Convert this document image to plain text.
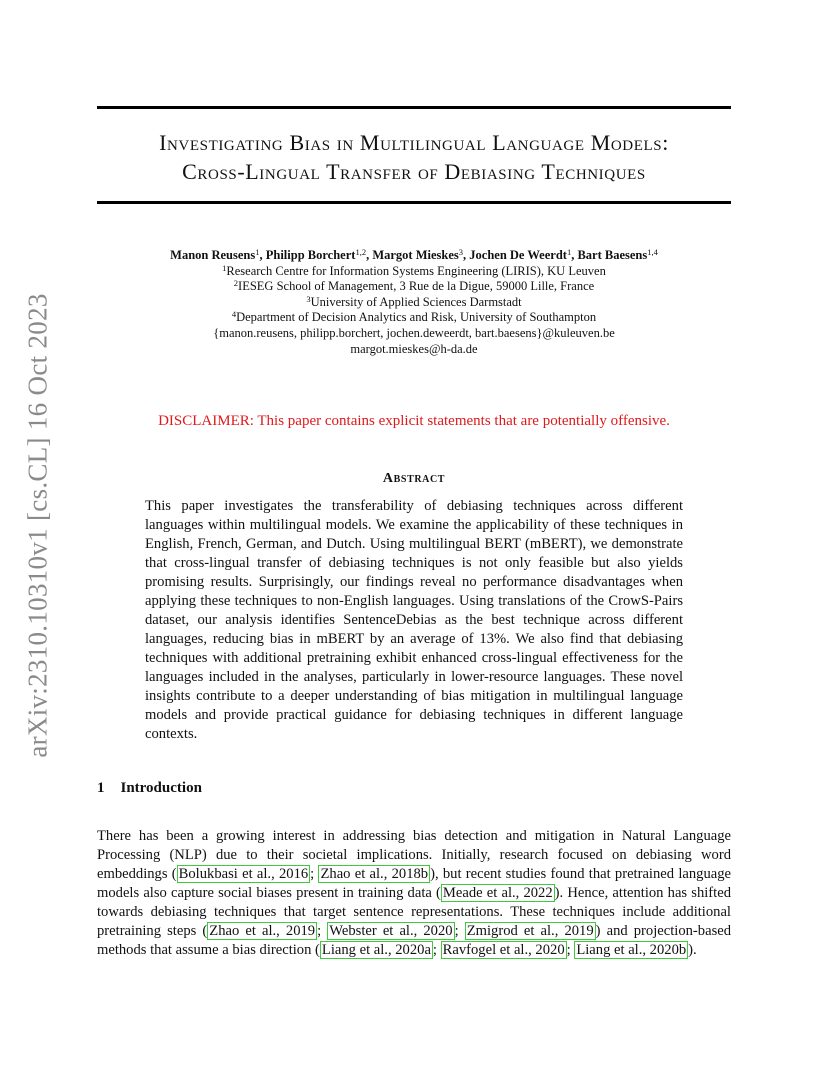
arXiv:2310.10310v1 [cs.CL] 16 Oct 2023
Investigating Bias in Multilingual Language Models:
Cross-Lingual Transfer of Debiasing Techniques
Manon Reusens$^1$, Philipp Borchert$^{1,2}$, Margot Mieskes$^3$, Jochen De Weerdt$^1$, Bart Baesens$^{1,4}$
$^1$Research Centre for Information Systems Engineering (LIRIS), KU Leuven
$^2$IESEG School of Management, 3 Rue de la Digue, 59000 Lille, France
$^3$University of Applied Sciences Darmstadt
$^4$Department of Decision Analytics and Risk, University of Southampton
{manon.reusens, philipp.borchert, jochen.deweerdt, bart.baesens}@kuleuven.be
margot.mieskes@h-da.de
DISCLAIMER: This paper contains explicit statements that are potentially offensive.
Abstract
This paper investigates the transferability of debiasing techniques across different languages within multilingual models. We examine the applicability of these techniques in English, French, German, and Dutch. Using multilingual BERT (mBERT), we demonstrate that cross-lingual transfer of debiasing techniques is not only feasible but also yields promising results. Surprisingly, our findings reveal no performance disadvantages when applying these techniques to non-English languages. Using translations of the CrowS-Pairs dataset, our analysis identifies SentenceDebias as the best technique across different languages, reducing bias in mBERT by an average of 13%. We also find that debiasing techniques with additional pretraining exhibit enhanced cross-lingual effectiveness for the languages included in the analyses, particularly in lower-resource languages. These novel insights contribute to a deeper understanding of bias mitigation in multilingual language models and provide practical guidance for debiasing techniques in different language contexts.
1 Introduction
There has been a growing interest in addressing bias detection and mitigation in Natural Language Processing (NLP) due to their societal implications. Initially, research focused on debiasing word embeddings ( Bolukbasi et al., 2016 ; Zhao et al., 2018b ), but recent studies found that pretrained language models also capture social biases present in training data ( Meade et al., 2022 ). Hence, attention has shifted towards debiasing techniques that target sentence representations. These techniques include additional pretraining steps ( Zhao et al., 2019 ; Webster et al., 2020 ; Zmigrod et al., 2019 ) and projection-based methods that assume a bias direction ( Liang et al., 2020a ; Ravfogel et al., 2020 ; Liang et al., 2020b ).
